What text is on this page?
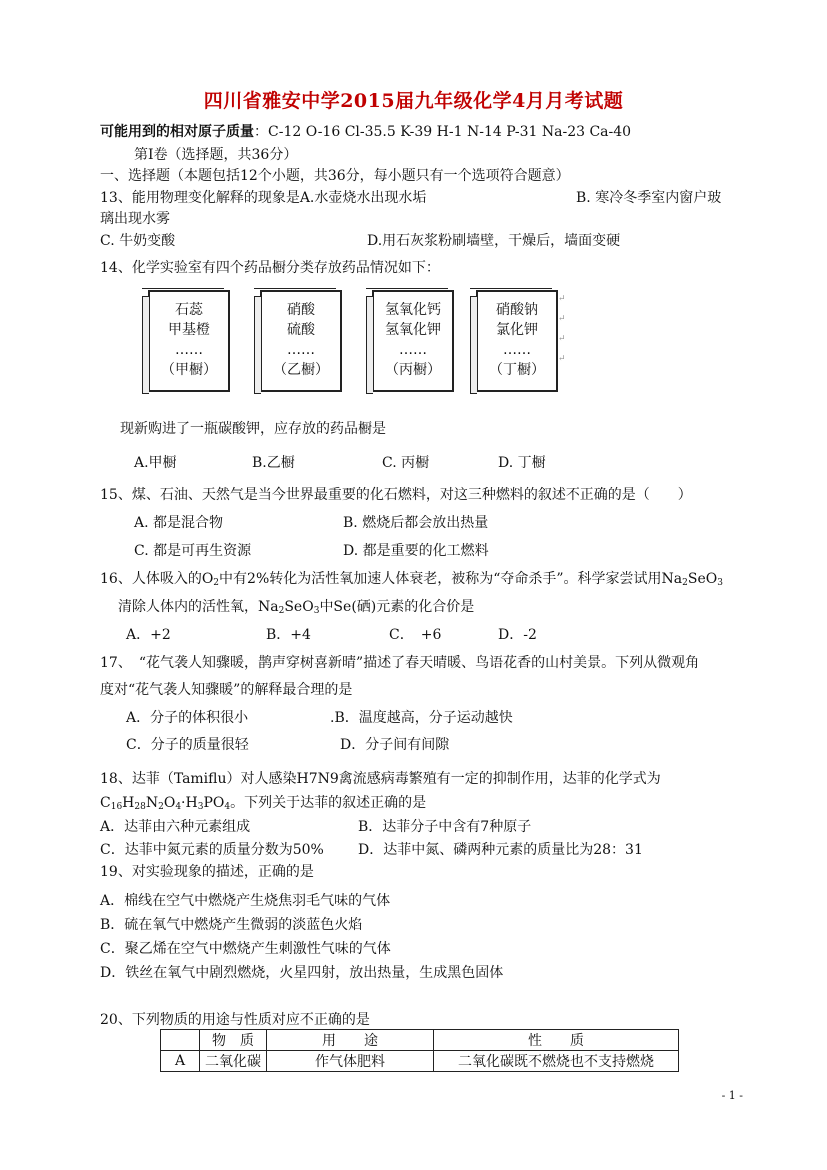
四川省雅安中学2015届九年级化学4月月考试题
可能用到的相对原子质量：C-12 O-16 Cl-35.5 K-39 H-1 N-14 P-31 Na-23 Ca-40
第Ⅰ卷（选择题，共36分）
一、选择题（本题包括12个小题，共36分，每小题只有一个选项符合题意）
13、能用物理变化解释的现象是A.水壶烧水出现水垢	B. 寒冷冬季室内窗户玻
璃出现水雾
C. 牛奶变酸	D.用石灰浆粉刷墙壁，干燥后，墙面变硬
14、化学实验室有四个药品橱分类存放药品情况如下：
石蕊
甲基橙
……
（甲橱）
硝酸
硫酸
……
（乙橱）
氢氧化钙
氢氧化钾
……
（丙橱）
硝酸钠
氯化钾
……
（丁橱）
↵
↵
↵
↵
现新购进了一瓶碳酸钾，应存放的药品橱是
A.甲橱	B.乙橱	C. 丙橱	D. 丁橱
15、煤、石油、天然气是当今世界最重要的化石燃料，对这三种燃料的叙述不正确的是（　　）
A. 都是混合物	B. 燃烧后都会放出热量
C. 都是可再生资源	D. 都是重要的化工燃料
16、人体吸入的$O_2$中有2%转化为活性氧加速人体衰老，被称为“夺命杀手”。科学家尝试用$Na_2SeO_3$
清除人体内的活性氧，$Na_2SeO_3$中Se(硒)元素的化合价是
A．+2	B．+4	C．　+6	D．-2
17、　“花气袭人知骤暖，鹊声穿树喜新晴”描述了春天晴暖、鸟语花香的山村美景。下列从微观角
度对“花气袭人知骤暖”的解释最合理的是
A．分子的体积很小	.B．温度越高，分子运动越快
C．分子的质量很轻	D．分子间有间隙
18、达菲（Tamiflu）对人感染H7N9禽流感病毒繁殖有一定的抑制作用，达菲的化学式为
$C_{16}H_{28}N_2O_4\cdot H_3PO_4$。下列关于达菲的叙述正确的是
A．达菲由六种元素组成	B．达菲分子中含有7种原子
C．达菲中氮元素的质量分数为50% D．达菲中氮、磷两种元素的质量比为28：31
19、对实验现象的描述，正确的是
A．棉线在空气中燃烧产生烧焦羽毛气味的气体
B．硫在氧气中燃烧产生微弱的淡蓝色火焰
C．聚乙烯在空气中燃烧产生刺激性气味的气体
D．铁丝在氧气中剧烈燃烧，火星四射，放出热量，生成黑色固体
20、下列物质的用途与性质对应不正确的是
	物　质	用　　途	性　　质
A	二氧化碳	作气体肥料	二氧化碳既不燃烧也不支持燃烧
- 1 -
